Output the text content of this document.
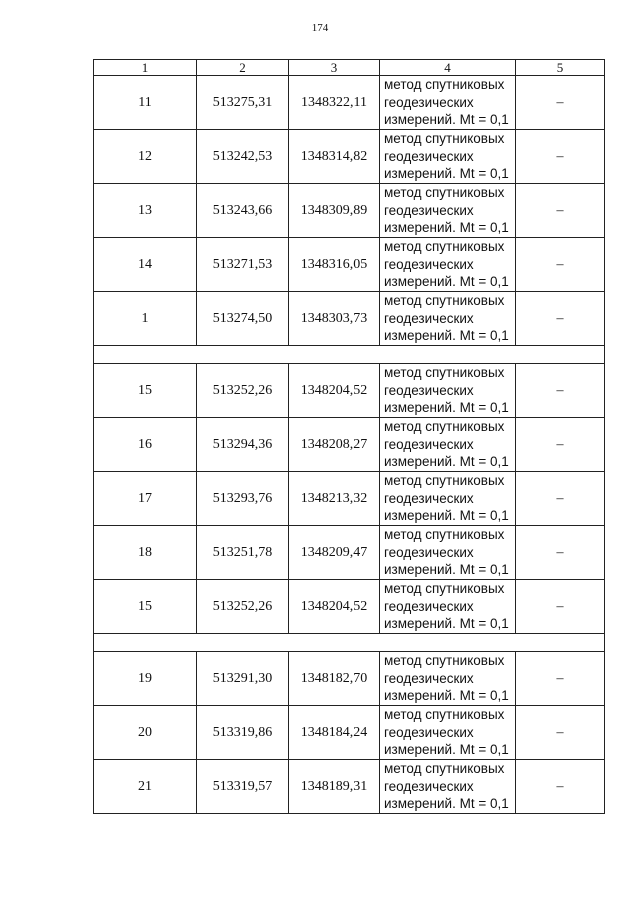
174
1	2	3	4	5
11	513275,31	1348322,11	метод спутниковых
геодезических
измерений. Mt = 0,1	–
12	513242,53	1348314,82	метод спутниковых
геодезических
измерений. Mt = 0,1	–
13	513243,66	1348309,89	метод спутниковых
геодезических
измерений. Mt = 0,1	–
14	513271,53	1348316,05	метод спутниковых
геодезических
измерений. Mt = 0,1	–
1	513274,50	1348303,73	метод спутниковых
геодезических
измерений. Mt = 0,1	–

15	513252,26	1348204,52	метод спутниковых
геодезических
измерений. Mt = 0,1	–
16	513294,36	1348208,27	метод спутниковых
геодезических
измерений. Mt = 0,1	–
17	513293,76	1348213,32	метод спутниковых
геодезических
измерений. Mt = 0,1	–
18	513251,78	1348209,47	метод спутниковых
геодезических
измерений. Mt = 0,1	–
15	513252,26	1348204,52	метод спутниковых
геодезических
измерений. Mt = 0,1	–

19	513291,30	1348182,70	метод спутниковых
геодезических
измерений. Mt = 0,1	–
20	513319,86	1348184,24	метод спутниковых
геодезических
измерений. Mt = 0,1	–
21	513319,57	1348189,31	метод спутниковых
геодезических
измерений. Mt = 0,1	–
